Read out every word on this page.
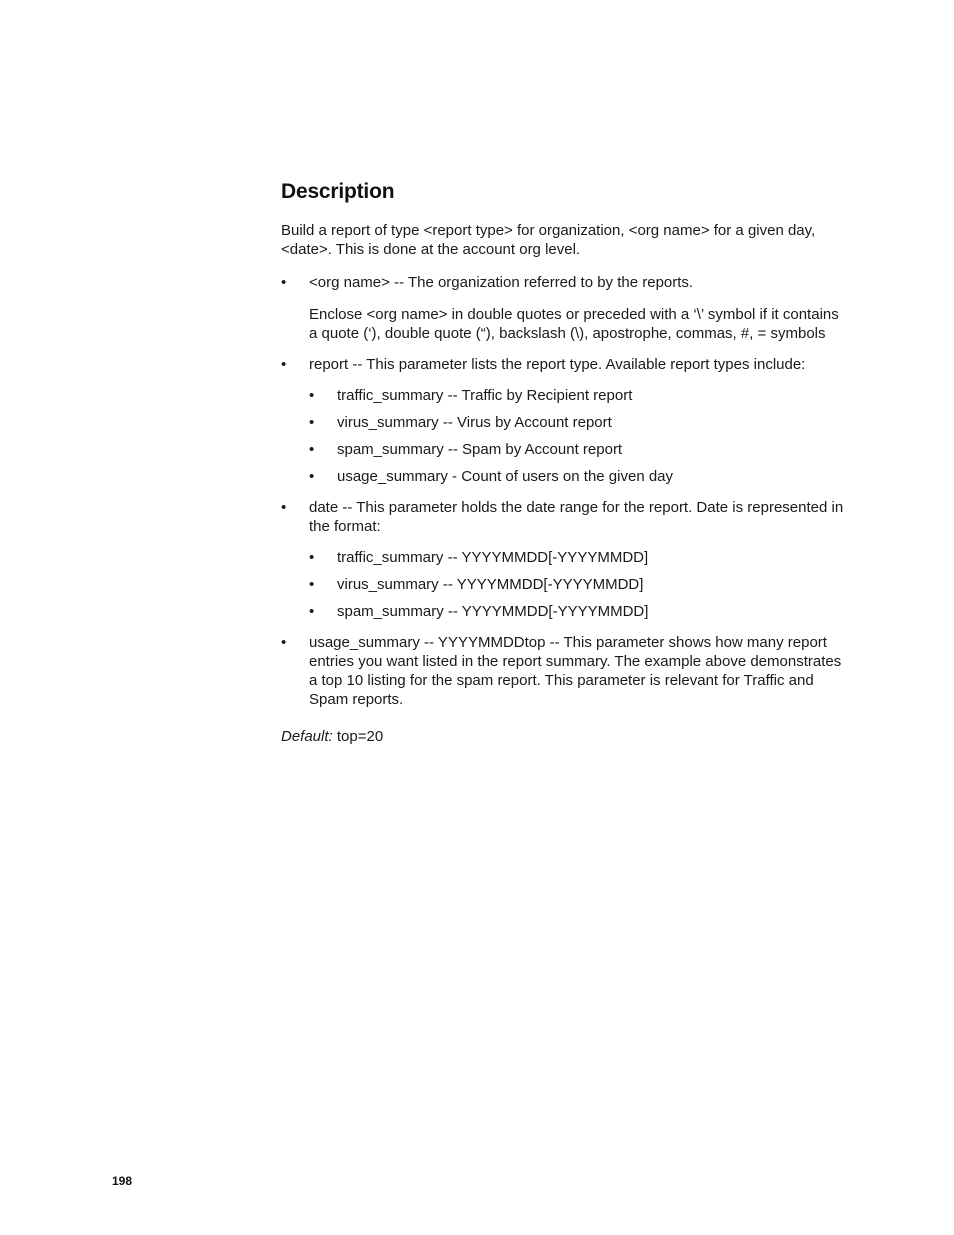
Description

Build a report of type <report type> for organization, <org name> for a given day, <date>. This is done at the account org level.

• <org name> -- The organization referred to by the reports.

Enclose <org name> in double quotes or preceded with a ‘\’ symbol if it contains a quote (‘), double quote (“), backslash (\), apostrophe, commas, #, = symbols

• report -- This parameter lists the report type. Available report types include:
• traffic_summary -- Traffic by Recipient report
• virus_summary -- Virus by Account report
• spam_summary -- Spam by Account report
• usage_summary - Count of users on the given day
• date -- This parameter holds the date range for the report. Date is represented in the format:
• traffic_summary -- YYYYMMDD[-YYYYMMDD]
• virus_summary -- YYYYMMDD[-YYYYMMDD]
• spam_summary -- YYYYMMDD[-YYYYMMDD]
• usage_summary -- YYYYMMDDtop -- This parameter shows how many report entries you want listed in the report summary. The example above demonstrates a top 10 listing for the spam report. This parameter is relevant for Traffic and Spam reports.

Default: top=20

198
